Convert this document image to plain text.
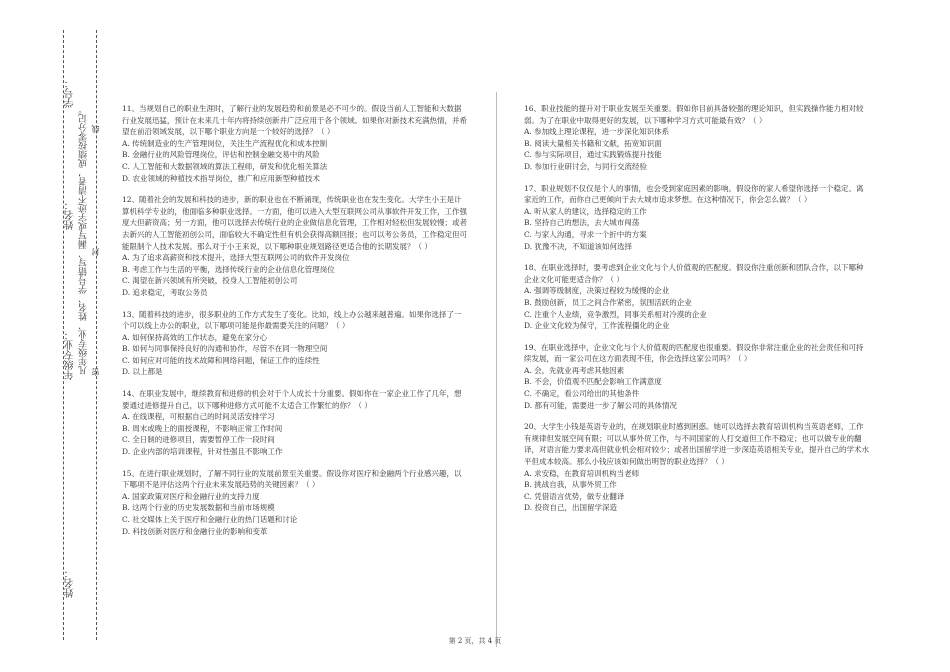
姓名：
密
封
线
年级专业：
姓名：
学号：
凡年级专业、姓名、学号错写、漏写或字迹不清者，成绩按零分记。	11、当规划自己的职业生涯时，了解行业的发展趋势和前景是必不可少的。假设当前人工智能和大数据行业发展迅猛，预计在未来几十年内将持续创新并广泛应用于各个领域。如果你对新技术充满热情，并希望在前沿领域发展，以下哪个职业方向是一个较好的选择？（ ）
A. 传统制造业的生产管理岗位，关注生产流程优化和成本控制
B. 金融行业的风险管理岗位，评估和控制金融交易中的风险
C. 人工智能和大数据领域的算法工程师，研发和优化相关算法
D. 农业领域的种植技术指导岗位，推广和应用新型种植技术
12、随着社会的发展和科技的进步，新的职业也在不断涌现，传统职业也在发生变化。大学生小王是计算机科学专业的，他面临多种职业选择。一方面，他可以进入大型互联网公司从事软件开发工作，工作强度大但薪资高；另一方面，他可以选择去传统行业的企业做信息化管理，工作相对轻松但发展较慢；或者去新兴的人工智能初创公司，面临较大不确定性但有机会获得高额回报；也可以考公务员，工作稳定但可能限制个人技术发展。那么对于小王来说，以下哪种职业规划路径更适合他的长期发展？（ ）
A. 为了追求高薪资和技术提升，选择大型互联网公司的软件开发岗位
B. 考虑工作与生活的平衡，选择传统行业的企业信息化管理岗位
C. 渴望在新兴领域有所突破，投身人工智能初创公司
D. 追求稳定，考取公务员
13、随着科技的进步，很多职业的工作方式发生了变化。比如，线上办公越来越普遍。如果你选择了一个可以线上办公的职业，以下哪项可能是你最需要关注的问题？（ ）
A. 如何保持高效的工作状态，避免在家分心
B. 如何与同事保持良好的沟通和协作，尽管不在同一物理空间
C. 如何应对可能的技术故障和网络问题，保证工作的连续性
D. 以上都是
14、在职业发展中，继续教育和进修的机会对于个人成长十分重要。假如你在一家企业工作了几年，想要通过进修提升自己，以下哪种进修方式可能不太适合工作繁忙的你？（ ）
A. 在线课程，可根据自己的时间灵活安排学习
B. 周末或晚上的面授课程，不影响正常工作时间
C. 全日制的进修项目，需要暂停工作一段时间
D. 企业内部的培训课程，针对性强且不影响工作
15、在进行职业规划时，了解不同行业的发展前景至关重要。假设你对医疗和金融两个行业感兴趣，以下哪项不是评估这两个行业未来发展趋势的关键因素？（ ）
A. 国家政策对医疗和金融行业的支持力度
B. 这两个行业的历史发展数据和当前市场规模
C. 社交媒体上关于医疗和金融行业的热门话题和讨论
D. 科技创新对医疗和金融行业的影响和变革
16、职业技能的提升对于职业发展至关重要。假如你目前具备较强的理论知识，但实践操作能力相对较弱。为了在职业中取得更好的发展，以下哪种学习方式可能最有效？（ ）
A. 参加线上理论课程，进一步深化知识体系
B. 阅读大量相关书籍和文献，拓宽知识面
C. 参与实际项目，通过实践锻炼提升技能
D. 参加行业研讨会，与同行交流经验
17、职业规划不仅仅是个人的事情，也会受到家庭因素的影响。假设你的家人希望你选择一个稳定、离家近的工作，而你自己更倾向于去大城市追求梦想。在这种情况下，你会怎么做？（ ）
A. 听从家人的建议，选择稳定的工作
B. 坚持自己的想法，去大城市闯荡
C. 与家人沟通，寻求一个折中的方案
D. 犹豫不决，不知道该如何选择
18、在职业选择时，要考虑到企业文化与个人价值观的匹配度。假设你注重创新和团队合作，以下哪种企业文化可能更适合你？（ ）
A. 强调等级制度，决策过程较为缓慢的企业
B. 鼓励创新，员工之间合作紧密，氛围活跃的企业
C. 注重个人业绩，竞争激烈，同事关系相对冷漠的企业
D. 企业文化较为保守，工作流程僵化的企业
19、在职业选择中，企业文化与个人价值观的匹配度也很重要。假设你非常注重企业的社会责任和可持续发展，而一家公司在这方面表现不佳，你会选择这家公司吗？（ ）
A. 会，先就业再考虑其他因素
B. 不会，价值观不匹配会影响工作满意度
C. 不确定，看公司给出的其他条件
D. 都有可能，需要进一步了解公司的具体情况
20、大学生小钱是英语专业的，在规划职业时感到困惑。她可以选择去教育培训机构当英语老师，工作有规律但发展空间有限；可以从事外贸工作，与不同国家的人打交道但工作不稳定；也可以做专业的翻译，对语言能力要求高但就业机会相对较少；或者出国留学进一步深造英语相关专业，提升自己的学术水平但成本较高。那么小钱应该如何做出明智的职业选择？（ ）
A. 求安稳，在教育培训机构当老师
B. 挑战自我，从事外贸工作
C. 凭借语言优势，做专业翻译
D. 投资自己，出国留学深造
第 2 页，共 4 页
